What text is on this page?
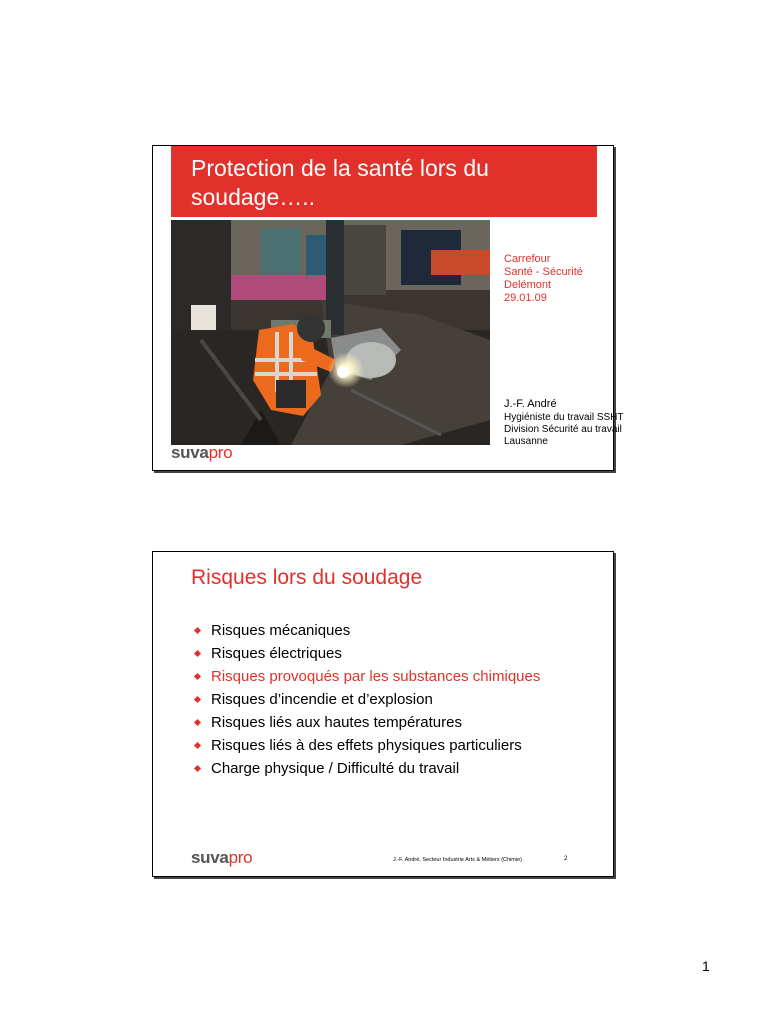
Protection de la santé lors du
soudage…..
Carrefour
Santé - Sécurité
Delémont
29.01.09
J.-F. André
Hygiéniste du travail SSHT
Division Sécurité au travail
Lausanne
suvapro
Risques lors du soudage
Risques mécaniques
Risques électriques
Risques provoqués par les substances chimiques
Risques d’incendie et d’explosion
Risques liés aux hautes températures
Risques liés à des effets physiques particuliers
Charge physique / Difficulté du travail
suvapro	J.-F. André, Secteur Industrie Arts & Métiers (Chimie)	2
1
